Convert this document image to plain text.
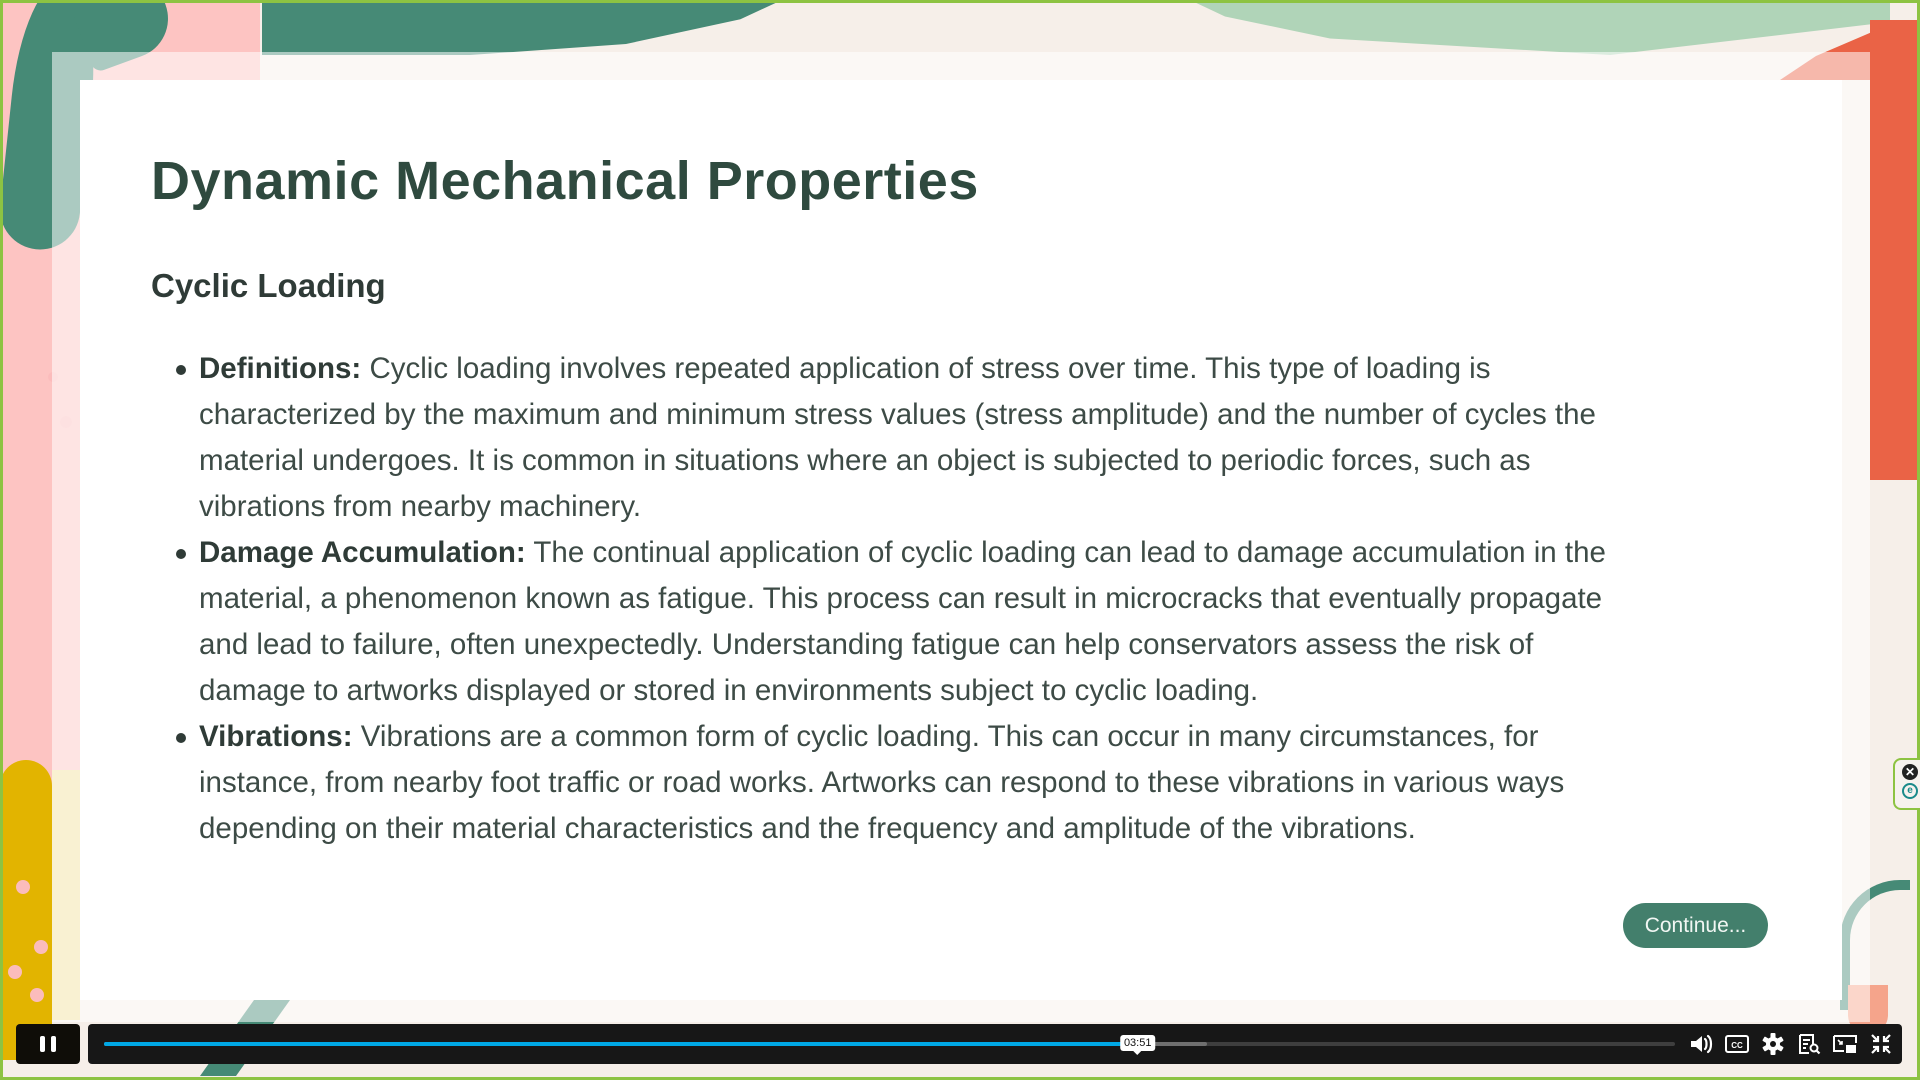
Dynamic Mechanical Properties
Cyclic Loading
Definitions: Cyclic loading involves repeated application of stress over time. This type of loading is
characterized by the maximum and minimum stress values (stress amplitude) and the number of cycles the
material undergoes. It is common in situations where an object is subjected to periodic forces, such as
vibrations from nearby machinery.
Damage Accumulation: The continual application of cyclic loading can lead to damage accumulation in the
material, a phenomenon known as fatigue. This process can result in microcracks that eventually propagate
and lead to failure, often unexpectedly. Understanding fatigue can help conservators assess the risk of
damage to artworks displayed or stored in environments subject to cyclic loading.
Vibrations: Vibrations are a common form of cyclic loading. This can occur in many circumstances, for
instance, from nearby foot traffic or road works. Artworks can respond to these vibrations in various ways
depending on their material characteristics and the frequency and amplitude of the vibrations.
Continue...
✕
e
03:51	CC
